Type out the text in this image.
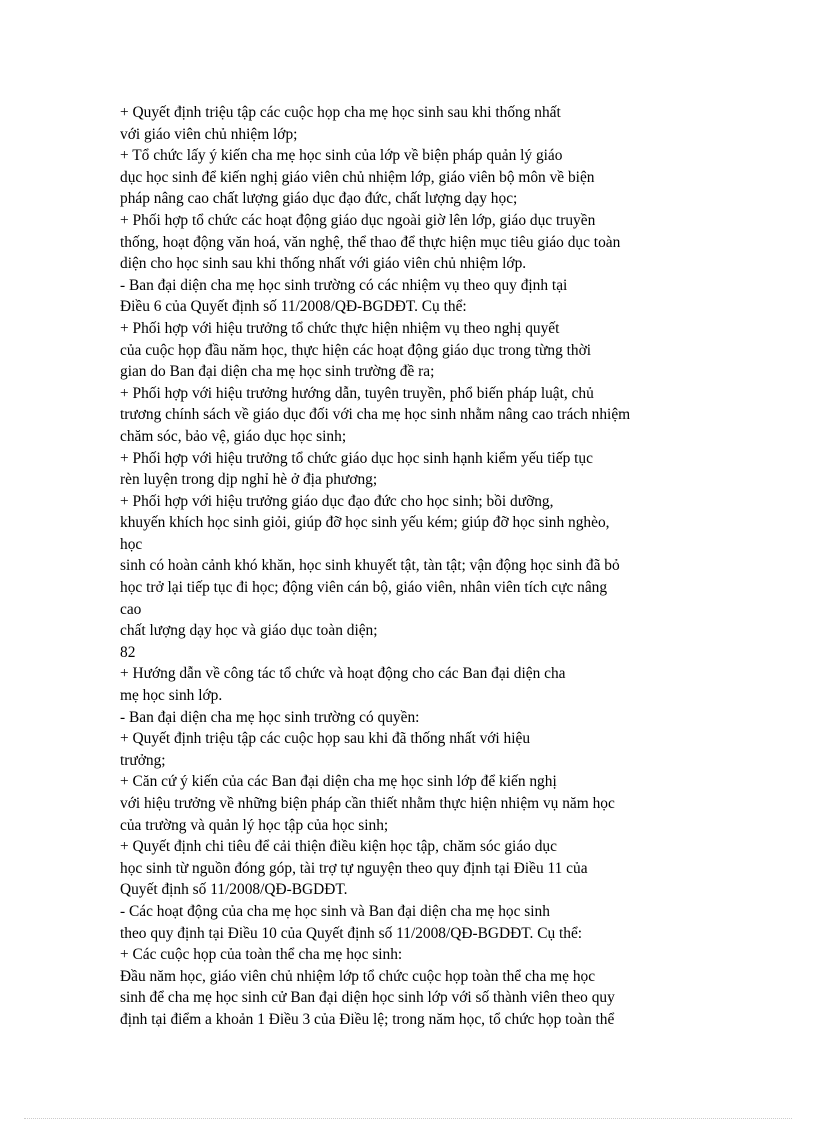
+ Quyết định triệu tập các cuộc họp cha mẹ học sinh sau khi thống nhất
với giáo viên chủ nhiệm lớp;
+ Tổ chức lấy ý kiến cha mẹ học sinh của lớp về biện pháp quản lý giáo
dục học sinh để kiến nghị giáo viên chủ nhiệm lớp, giáo viên bộ môn về biện
pháp nâng cao chất lượng giáo dục đạo đức, chất lượng dạy học;
+ Phối hợp tổ chức các hoạt động giáo dục ngoài giờ lên lớp, giáo dục truyền
thống, hoạt động văn hoá, văn nghệ, thể thao để thực hiện mục tiêu giáo dục toàn
diện cho học sinh sau khi thống nhất với giáo viên chủ nhiệm lớp.
- Ban đại diện cha mẹ học sinh trường có các nhiệm vụ theo quy định tại
Điều 6 của Quyết định số 11/2008/QĐ-BGDĐT. Cụ thể:
+ Phối hợp với hiệu trưởng tổ chức thực hiện nhiệm vụ theo nghị quyết
của cuộc họp đầu năm học, thực hiện các hoạt động giáo dục trong từng thời
gian do Ban đại diện cha mẹ học sinh trường đề ra;
+ Phối hợp với hiệu trưởng hướng dẫn, tuyên truyền, phổ biến pháp luật, chủ
trương chính sách về giáo dục đối với cha mẹ học sinh nhằm nâng cao trách nhiệm
chăm sóc, bảo vệ, giáo dục học sinh;
+ Phối hợp với hiệu trưởng tổ chức giáo dục học sinh hạnh kiểm yếu tiếp tục
rèn luyện trong dịp nghỉ hè ở địa phương;
+ Phối hợp với hiệu trưởng giáo dục đạo đức cho học sinh; bồi dưỡng,
khuyến khích học sinh giỏi, giúp đỡ học sinh yếu kém; giúp đỡ học sinh nghèo,
học
sinh có hoàn cảnh khó khăn, học sinh khuyết tật, tàn tật; vận động học sinh đã bỏ
học trở lại tiếp tục đi học; động viên cán bộ, giáo viên, nhân viên tích cực nâng
cao
chất lượng dạy học và giáo dục toàn diện;
82
+ Hướng dẫn về công tác tổ chức và hoạt động cho các Ban đại diện cha
mẹ học sinh lớp.
- Ban đại diện cha mẹ học sinh trường có quyền:
+ Quyết định triệu tập các cuộc họp sau khi đã thống nhất với hiệu
trưởng;
+ Căn cứ ý kiến của các Ban đại diện cha mẹ học sinh lớp để kiến nghị
với hiệu trưởng về những biện pháp cần thiết nhằm thực hiện nhiệm vụ năm học
của trường và quản lý học tập của học sinh;
+ Quyết định chi tiêu để cải thiện điều kiện học tập, chăm sóc giáo dục
học sinh từ nguồn đóng góp, tài trợ tự nguyện theo quy định tại Điều 11 của
Quyết định số 11/2008/QĐ-BGDĐT.
- Các hoạt động của cha mẹ học sinh và Ban đại diện cha mẹ học sinh
theo quy định tại Điều 10 của Quyết định số 11/2008/QĐ-BGDĐT. Cụ thể:
+ Các cuộc họp của toàn thể cha mẹ học sinh:
Đầu năm học, giáo viên chủ nhiệm lớp tổ chức cuộc họp toàn thể cha mẹ học
sinh để cha mẹ học sinh cử Ban đại diện học sinh lớp với số thành viên theo quy
định tại điểm a khoản 1 Điều 3 của Điều lệ; trong năm học, tổ chức họp toàn thể
